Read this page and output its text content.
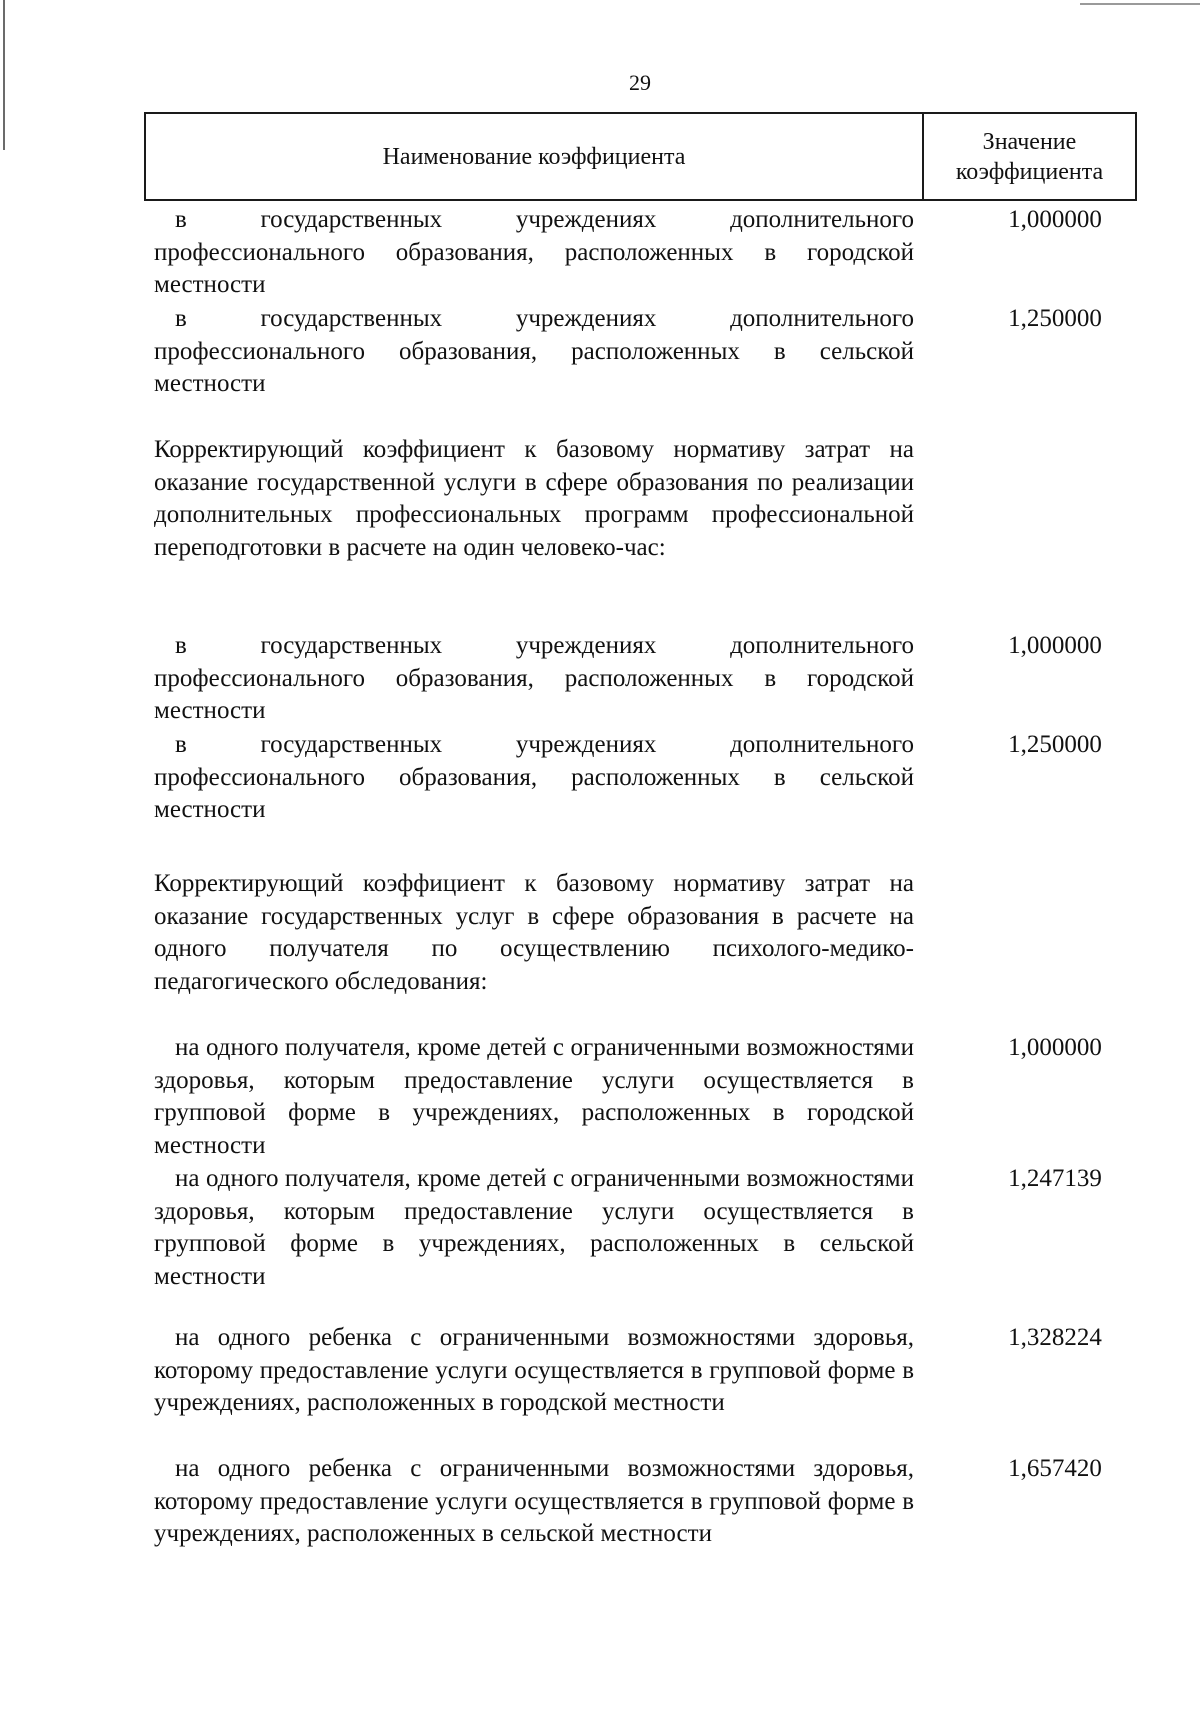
29
Наименование коэффициента
Значение
коэффициента
в государственных учреждениях дополнительного профессионального образования, расположенных в городской местности
1,000000
в государственных учреждениях дополнительного профессионального образования, расположенных в сельской местности
1,250000
Корректирующий коэффициент к базовому нормативу затрат на оказание государственной услуги в сфере образования по реализации дополнительных профессиональных программ профессиональной переподготовки в расчете на один человеко-час:
в государственных учреждениях дополнительного профессионального образования, расположенных в городской местности
1,000000
в государственных учреждениях дополнительного профессионального образования, расположенных в сельской местности
1,250000
Корректирующий коэффициент к базовому нормативу затрат на оказание государственных услуг в сфере образования в расчете на одного получателя по осуществлению психолого-медико-педагогического обследования:
на одного получателя, кроме детей с ограниченными возможностями здоровья, которым предоставление услуги осуществляется в групповой форме в учреждениях, расположенных в городской местности
1,000000
на одного получателя, кроме детей с ограниченными возможностями здоровья, которым предоставление услуги осуществляется в групповой форме в учреждениях, расположенных в сельской местности
1,247139
на одного ребенка с ограниченными возможностями здоровья, которому предоставление услуги осуществляется в групповой форме в учреждениях, расположенных в городской местности
1,328224
на одного ребенка с ограниченными возможностями здоровья, которому предоставление услуги осуществляется в групповой форме в учреждениях, расположенных в сельской местности
1,657420
